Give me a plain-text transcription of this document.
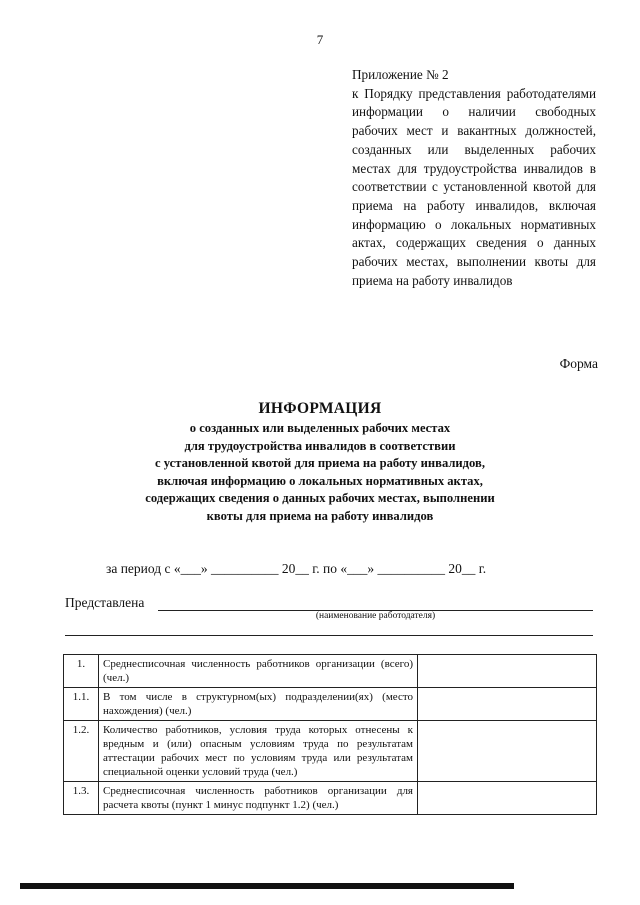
7
Приложение № 2
к Порядку представления работодателями информации о наличии свободных рабочих мест и вакантных должностей, созданных или выделенных рабочих местах для трудоустройства инвалидов в соответствии с установленной квотой для приема на работу инвалидов, включая информацию о локальных нормативных актах, содержащих сведения о данных рабочих местах, выполнении квоты для приема на работу инвалидов
Форма
ИНФОРМАЦИЯ
о созданных или выделенных рабочих местах
для трудоустройства инвалидов в соответствии
с установленной квотой для приема на работу инвалидов,
включая информацию о локальных нормативных актах,
содержащих сведения о данных рабочих местах, выполнении
квоты для приема на работу инвалидов
за период с «___» __________ 20__ г. по «___» __________ 20__ г.
Представлена
(наименование работодателя)
1.	Среднесписочная численность работников организации (всего) (чел.)	
1.1.	В том числе в структурном(ых) подразделении(ях) (место нахождения) (чел.)	
1.2.	Количество работников, условия труда которых отнесены к вредным и (или) опасным условиям труда по результатам аттестации рабочих мест по условиям труда или результатам специальной оценки условий труда (чел.)	
1.3.	Среднесписочная численность работников организации для расчета квоты (пункт 1 минус подпункт 1.2) (чел.)	
